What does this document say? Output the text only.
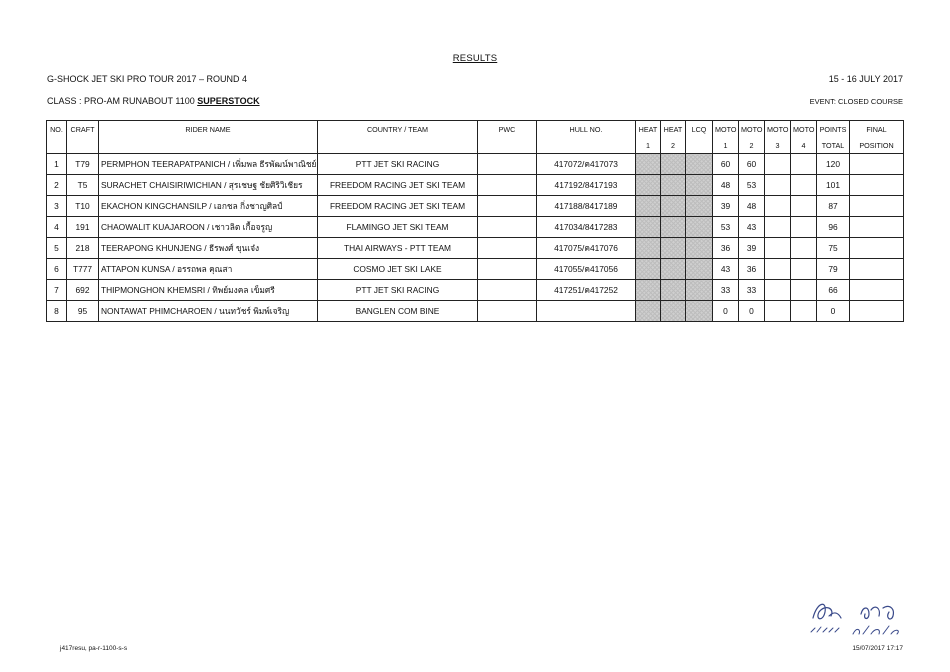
RESULTS
G-SHOCK JET SKI PRO TOUR 2017 – ROUND 4	15 - 16 JULY 2017
CLASS : PRO-AM RUNABOUT 1100 SUPERSTOCK	EVENT: CLOSED COURSE
NO.	CRAFT	RIDER NAME	COUNTRY / TEAM	PWC	HULL NO.	HEAT	HEAT	LCQ	MOTO	MOTO	MOTO	MOTO	POINTS	FINAL
						1	2		1	2	3	4	TOTAL	POSITION
1	T79	PERMPHON TEERAPATPANICH / เพิ่มพล ธีรพัฒน์พาณิชย์	PTT JET SKI RACING		417072/ค417073				60	60			120	
2	T5	SURACHET CHAISIRIWICHIAN / สุรเชษฐ ชัยศิริวิเชียร	FREEDOM RACING JET SKI TEAM		417192/8417193				48	53			101	
3	T10	EKACHON KINGCHANSILP / เอกชล กิ่งชาญศิลป์	FREEDOM RACING JET SKI TEAM		417188/8417189				39	48			87	
4	191	CHAOWALIT KUAJAROON / เชาวลิต เกื้อจรูญ	FLAMINGO JET SKI TEAM		417034/8417283				53	43			96	
5	218	TEERAPONG KHUNJENG / ธีรพงศ์ ขุนเจ๋ง	THAI AIRWAYS - PTT TEAM		417075/ค417076				36	39			75	
6	T777	ATTAPON KUNSA / อรรถพล คุณสา	COSMO JET SKI LAKE		417055/ค417056				43	36			79	
7	692	THIPMONGHON KHEMSRI / ทิพย์มงคล เข็มศรี	PTT JET SKI RACING		417251/ค417252				33	33			66	
8	95	NONTAWAT PHIMCHAROEN / นนทวัชร์ พิมพ์เจริญ	BANGLEN COM BINE						0	0			0	
j417resu, pa-r-1100-s-s	15/07/2017 17:17
